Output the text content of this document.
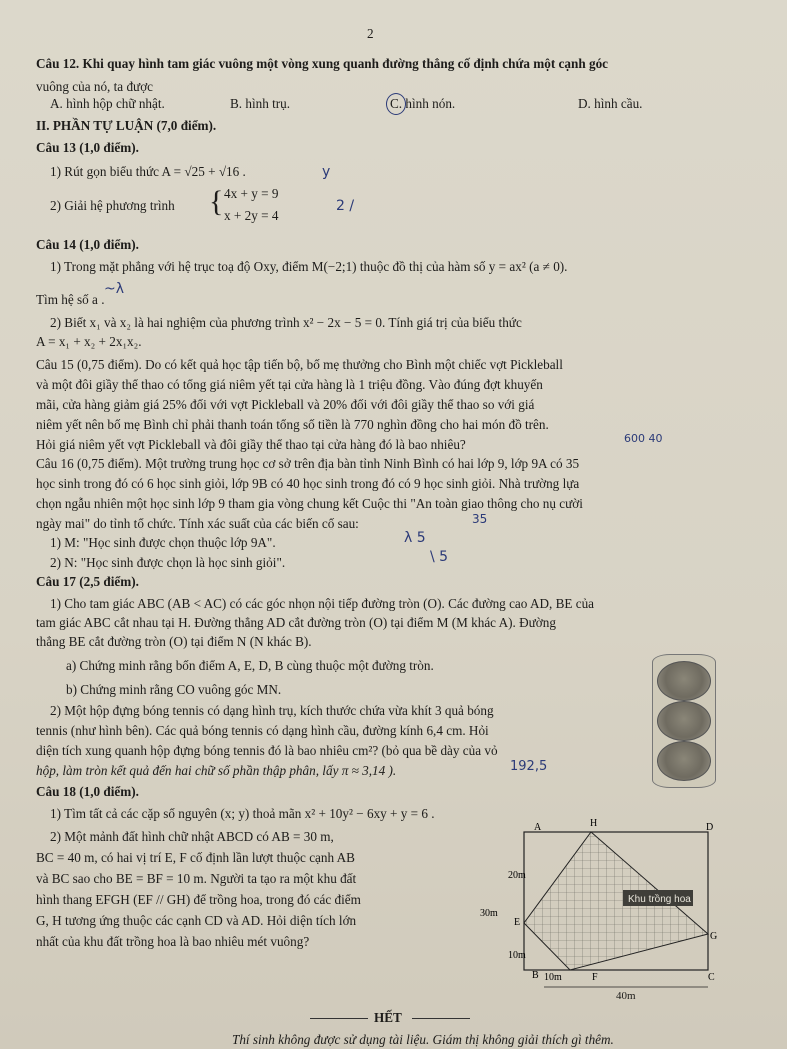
2
Câu 12. Khi quay hình tam giác vuông một vòng xung quanh đường thẳng cố định chứa một cạnh góc
vuông của nó, ta được
A. hình hộp chữ nhật.	B. hình trụ.	C. hình nón.	D. hình cầu.
II. PHẦN TỰ LUẬN (7,0 điểm).
Câu 13 (1,0 điểm).
1) Rút gọn biểu thức A = √25 + √16 .
2) Giải hệ phương trình { 4x + y = 9
x + 2y = 4
y
2 /
Câu 14 (1,0 điểm).
1) Trong mặt phẳng với hệ trục toạ độ Oxy, điểm M(−2;1) thuộc đồ thị của hàm số y = ax² (a ≠ 0).
Tìm hệ số a .
~λ
2) Biết x₁ và x₂ là hai nghiệm của phương trình x² − 2x − 5 = 0. Tính giá trị của biểu thức
A = x₁ + x₂ + 2x₁x₂.
Câu 15 (0,75 điểm). Do có kết quả học tập tiến bộ, bố mẹ thưởng cho Bình một chiếc vợt Pickleball
và một đôi giầy thể thao có tổng giá niêm yết tại cửa hàng là 1 triệu đồng. Vào đúng đợt khuyến
mãi, cửa hàng giảm giá 25% đối với vợt Pickleball và 20% đối với đôi giầy thể thao so với giá
niêm yết nên bố mẹ Bình chỉ phải thanh toán tổng số tiền là 770 nghìn đồng cho hai món đồ trên.
Hỏi giá niêm yết vợt Pickleball và đôi giầy thể thao tại cửa hàng đó là bao nhiêu?	600 40
Câu 16 (0,75 điểm). Một trường trung học cơ sở trên địa bàn tỉnh Ninh Bình có hai lớp 9, lớp 9A có 35
học sinh trong đó có 6 học sinh giỏi, lớp 9B có 40 học sinh trong đó có 9 học sinh giỏi. Nhà trường lựa
chọn ngẫu nhiên một học sinh lớp 9 tham gia vòng chung kết Cuộc thi "An toàn giao thông cho nụ cười
ngày mai" do tỉnh tổ chức. Tính xác suất của các biến cố sau:	35
1) M: "Học sinh được chọn thuộc lớp 9A".	λ 5
2) N: "Học sinh được chọn là học sinh giỏi".	\ 5
Câu 17 (2,5 điểm).
1) Cho tam giác ABC (AB < AC) có các góc nhọn nội tiếp đường tròn (O). Các đường cao AD, BE của
tam giác ABC cắt nhau tại H. Đường thẳng AD cắt đường tròn (O) tại điểm M (M khác A). Đường
thẳng BE cắt đường tròn (O) tại điểm N (N khác B).
a) Chứng minh rằng bốn điểm A, E, D, B cùng thuộc một đường tròn.
b) Chứng minh rằng CO vuông góc MN.
2) Một hộp đựng bóng tennis có dạng hình trụ, kích thước chứa vừa khít 3 quả bóng
tennis (như hình bên). Các quả bóng tennis có dạng hình cầu, đường kính 6,4 cm. Hỏi
diện tích xung quanh hộp đựng bóng tennis đó là bao nhiêu cm²? (bỏ qua bề dày của vỏ
hộp, làm tròn kết quả đến hai chữ số phần thập phân, lấy π ≈ 3,14 ).	192,5
Câu 18 (1,0 điểm).
1) Tìm tất cả các cặp số nguyên (x; y) thoả mãn x² + 10y² − 6xy + y = 6 .
2) Một mảnh đất hình chữ nhật ABCD có AB = 30 m,
BC = 40 m, có hai vị trí E, F cố định lần lượt thuộc cạnh AB
và BC sao cho BE = BF = 10 m. Người ta tạo ra một khu đất
hình thang EFGH (EF // GH) để trồng hoa, trong đó các điểm
G, H tương ứng thuộc các cạnh CD và AD. Hỏi diện tích lớn
nhất của khu đất trồng hoa là bao nhiêu mét vuông?
Khu trồng hoa
A	H	D
E
G
B	F	C
20m
30m
10m
10m
40m
HẾT
Thí sinh không được sử dụng tài liệu. Giám thị không giải thích gì thêm.
